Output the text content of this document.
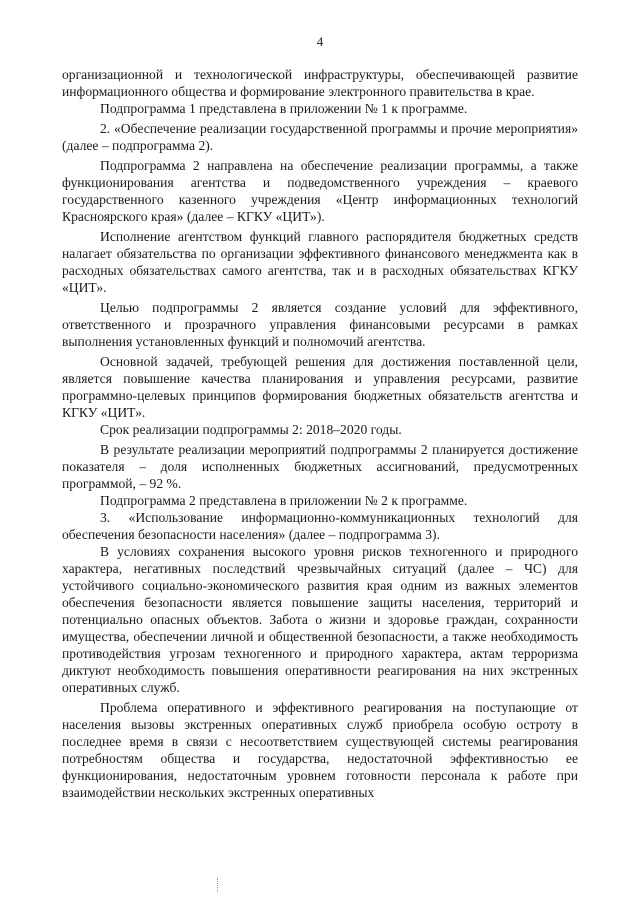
4

организационной и технологической инфраструктуры, обеспечивающей развитие информационного общества и формирование электронного правительства в крае.

Подпрограмма 1 представлена в приложении № 1 к программе.

2. «Обеспечение реализации государственной программы и прочие мероприятия» (далее – подпрограмма 2).

Подпрограмма 2 направлена на обеспечение реализации программы, а также функционирования агентства и подведомственного учреждения – краевого государственного казенного учреждения «Центр информационных технологий Красноярского края» (далее – КГКУ «ЦИТ»).

Исполнение агентством функций главного распорядителя бюджетных средств налагает обязательства по организации эффективного финансового менеджмента как в расходных обязательствах самого агентства, так и в расходных обязательствах КГКУ «ЦИТ».

Целью подпрограммы 2 является создание условий для эффективного, ответственного и прозрачного управления финансовыми ресурсами в рамках выполнения установленных функций и полномочий агентства.

Основной задачей, требующей решения для достижения поставленной цели, является повышение качества планирования и управления ресурсами, развитие программно-целевых принципов формирования бюджетных обязательств агентства и КГКУ «ЦИТ».

Срок реализации подпрограммы 2: 2018–2020 годы.

В результате реализации мероприятий подпрограммы 2 планируется достижение показателя – доля исполненных бюджетных ассигнований, предусмотренных программой, – 92 %.

Подпрограмма 2 представлена в приложении № 2 к программе.

3. «Использование информационно-коммуникационных технологий для обеспечения безопасности населения» (далее – подпрограмма 3).

В условиях сохранения высокого уровня рисков техногенного и природного характера, негативных последствий чрезвычайных ситуаций (далее – ЧС) для устойчивого социально-экономического развития края одним из важных элементов обеспечения безопасности является повышение защиты населения, территорий и потенциально опасных объектов. Забота о жизни и здоровье граждан, сохранности имущества, обеспечении личной и общественной безопасности, а также необходимость противодействия угрозам техногенного и природного характера, актам терроризма диктуют необходимость повышения оперативности реагирования на них экстренных оперативных служб.

Проблема оперативного и эффективного реагирования на поступающие от населения вызовы экстренных оперативных служб приобрела особую остроту в последнее время в связи с несоответствием существующей системы реагирования потребностям общества и государства, недостаточной эффективностью ее функционирования, недостаточным уровнем готовности персонала к работе при взаимодействии нескольких экстренных оперативных
